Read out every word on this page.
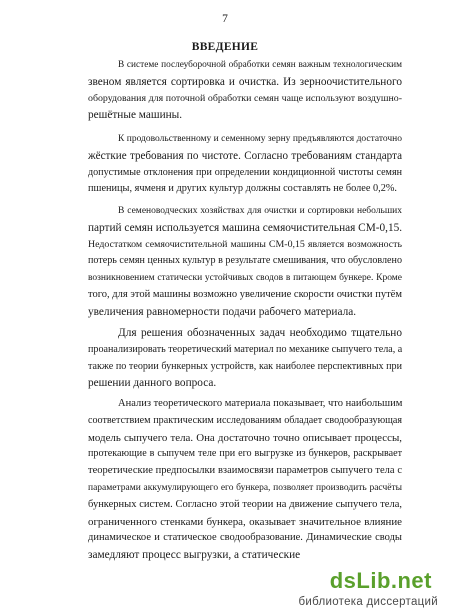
7
ВВЕДЕНИЕ
В системе послеуборочной обработки семян важным технологическим
звеном является сортировка и очистка. Из зерноочистительного
оборудования для поточной обработки семян чаще используют воздушно-
решётные машины.
К продовольственному и семенному зерну предъявляются достаточно
жёсткие требования по чистоте. Согласно требованиям стандарта
допустимые отклонения при определении кондиционной чистоты семян
пшеницы, ячменя и других культур должны составлять не более 0,2%.
В семеноводческих хозяйствах для очистки и сортировки небольших
партий семян используется машина семяочистительная СМ-0,15.
Недостатком семяочистительной машины СМ-0,15 является возможность
потерь семян ценных культур в результате смешивания, что обусловлено
возникновением статически устойчивых сводов в питающем бункере. Кроме
того, для этой машины возможно увеличение скорости очистки путём
увеличения равномерности подачи рабочего материала.
Для решения обозначенных задач необходимо тщательно
проанализировать теоретический материал по механике сыпучего тела, а
также по теории бункерных устройств, как наиболее перспективных при
решении данного вопроса.
Анализ теоретического материала показывает, что наибольшим
соответствием практическим исследованиям обладает сводообразующая
модель сыпучего тела. Она достаточно точно описывает процессы,
протекающие в сыпучем теле при его выгрузке из бункеров, раскрывает
теоретические предпосылки взаимосвязи параметров сыпучего тела с
параметрами аккумулирующего его бункера, позволяет производить расчёты
бункерных систем. Согласно этой теории на движение сыпучего тела,
ограниченного стенками бункера, оказывает значительное влияние
динамическое и статическое сводообразование. Динамические своды
замедляют процесс выгрузки, а статические
dsLib.net
библиотека диссертаций
